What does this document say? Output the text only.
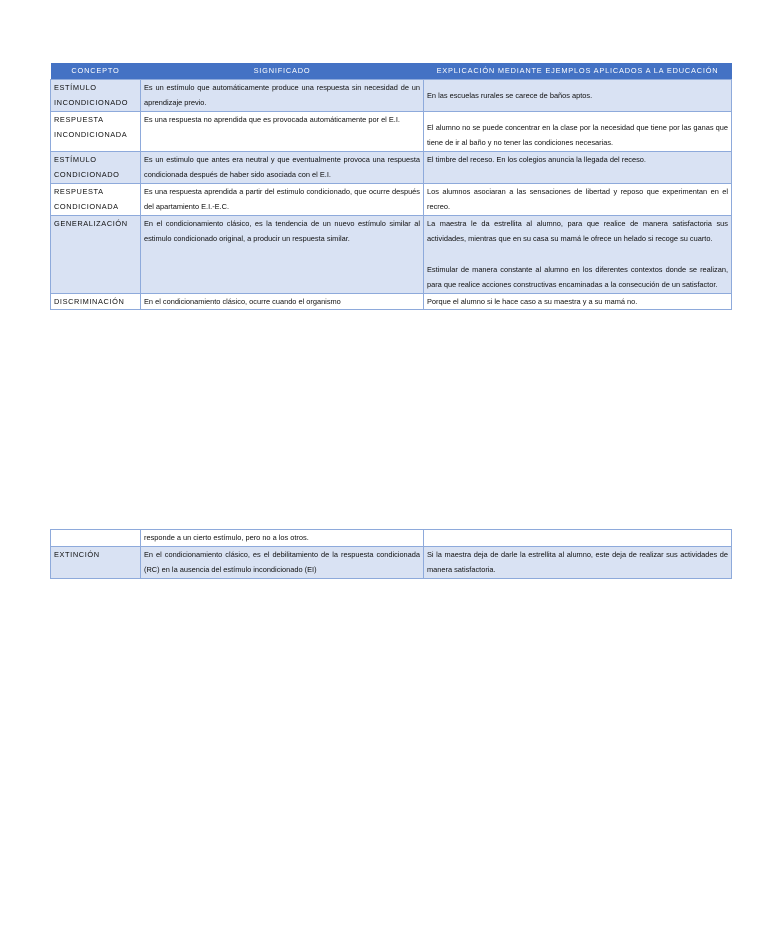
CONCEPTO	SIGNIFICADO	EXPLICACIÓN MEDIANTE EJEMPLOS APLICADOS A LA EDUCACIÓN
ESTÍMULO INCONDICIONADO	Es un estímulo que automáticamente produce una respuesta sin necesidad de un aprendizaje previo.	En las escuelas rurales se carece de baños aptos.
RESPUESTA INCONDICIONADA	Es una respuesta no aprendida que es provocada automáticamente por el E.I.	El alumno no se puede concentrar en la clase por la necesidad que tiene por las ganas que tiene de ir al baño y no tener las condiciones necesarias.
ESTÍMULO CONDICIONADO	Es un estimulo que antes era neutral y que eventualmente provoca una respuesta condicionada después de haber sido asociada con el E.I.	El timbre del receso. En los colegios anuncia la llegada del receso.
RESPUESTA CONDICIONADA	Es una respuesta aprendida a partir del estimulo condicionado, que ocurre después del apartamiento E.I.-E.C.	Los alumnos asociaran a las sensaciones de libertad y reposo que experimentan en el recreo.
GENERALIZACIÓN	En el condicionamiento clásico, es la tendencia de un nuevo estímulo similar al estimulo condicionado original, a producir un respuesta similar.	La maestra le da estrellita al alumno, para que realice de manera satisfactoria sus actividades, mientras que en su casa su mamá le ofrece un helado si recoge su cuarto.
Estimular de manera constante al alumno en los diferentes contextos donde se realizan, para que realice acciones constructivas encaminadas a la consecución de un satisfactor.
DISCRIMINACIÓN	En el condicionamiento clásico, ocurre cuando el organismo	Porque el alumno si le hace caso a su maestra y a su mamá no.
	responde a un cierto estímulo, pero no a los otros.	
EXTINCIÓN	En el condicionamiento clásico, es el debilitamiento de la respuesta condicionada (RC) en la ausencia del estímulo incondicionado (EI)	Si la maestra deja de darle la estrellita al alumno, este deja de realizar sus actividades de manera satisfactoria.
